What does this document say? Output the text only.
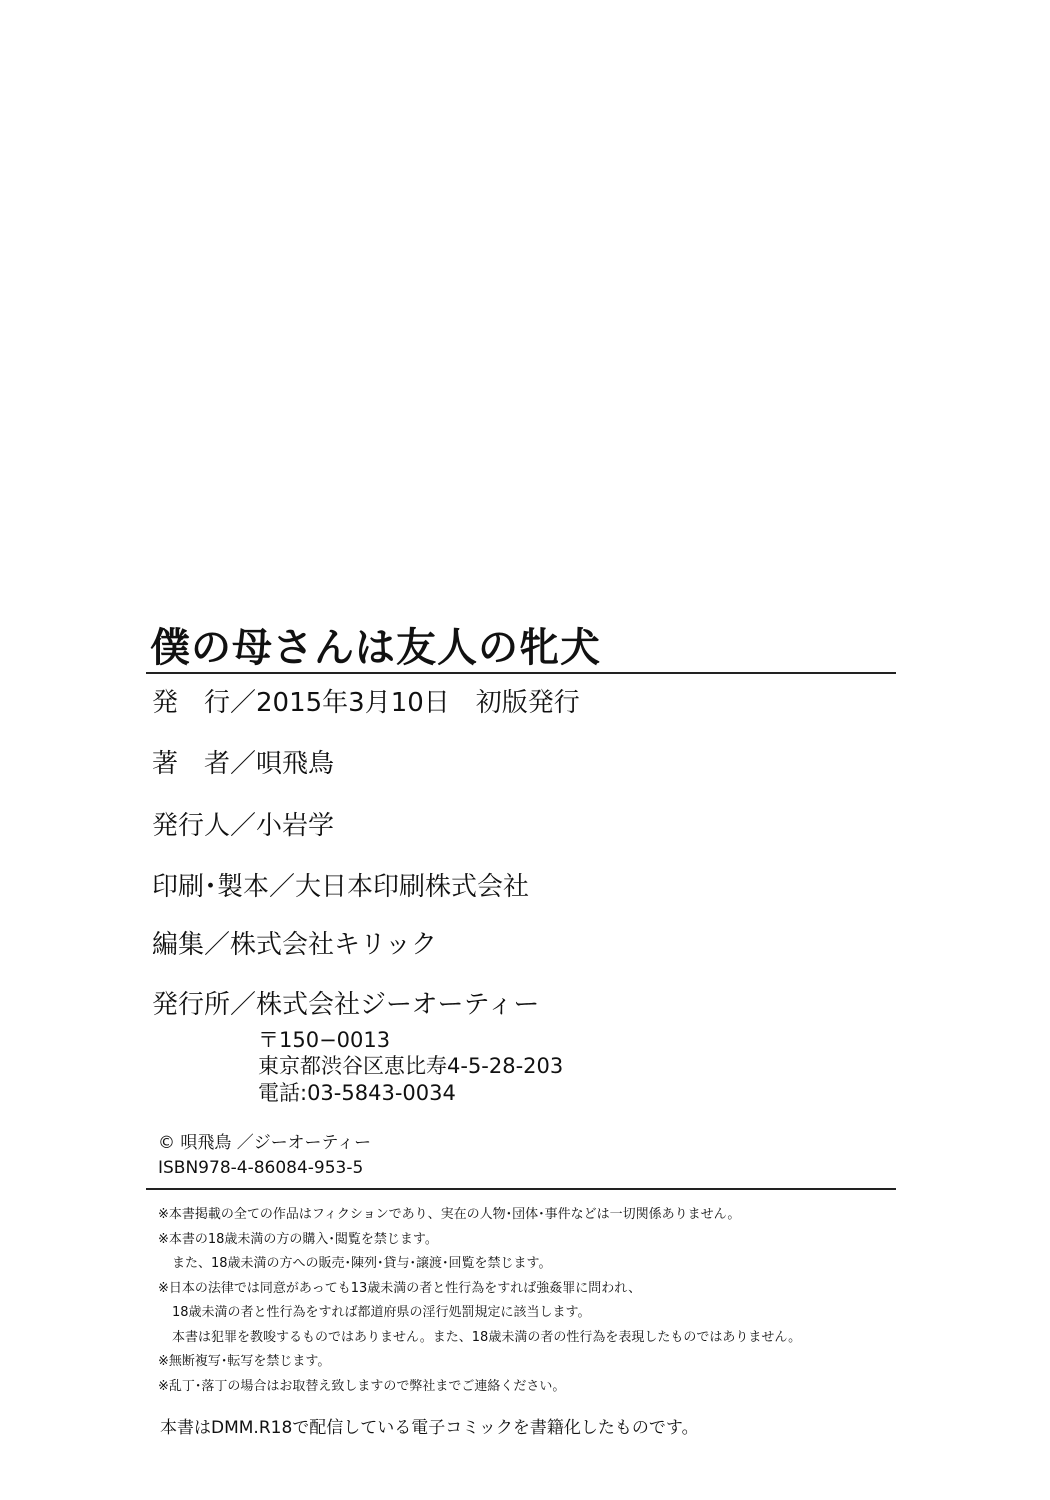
僕の母さんは友人の牝犬
発　行／2015年3月10日　初版発行
著　者／唄飛鳥
発行人／小岩学
印刷･製本／大日本印刷株式会社
編集／株式会社キリック
発行所／株式会社ジーオーティー
〒150−0013
東京都渋谷区恵比寿4-5-28-203
電話:03-5843-0034
© 唄飛鳥 ／ジーオーティー
ISBN978-4-86084-953-5
※本書掲載の全ての作品はフィクションであり、実在の人物･団体･事件などは一切関係ありません。
※本書の18歳未満の方の購入･閲覧を禁じます。
また、18歳未満の方への販売･陳列･貸与･譲渡･回覧を禁じます。
※日本の法律では同意があっても13歳未満の者と性行為をすれば強姦罪に問われ、
18歳未満の者と性行為をすれば都道府県の淫行処罰規定に該当します。
本書は犯罪を教唆するものではありません。また、18歳未満の者の性行為を表現したものではありません。
※無断複写･転写を禁じます。
※乱丁･落丁の場合はお取替え致しますので弊社までご連絡ください。
本書はDMM.R18で配信している電子コミックを書籍化したものです。
